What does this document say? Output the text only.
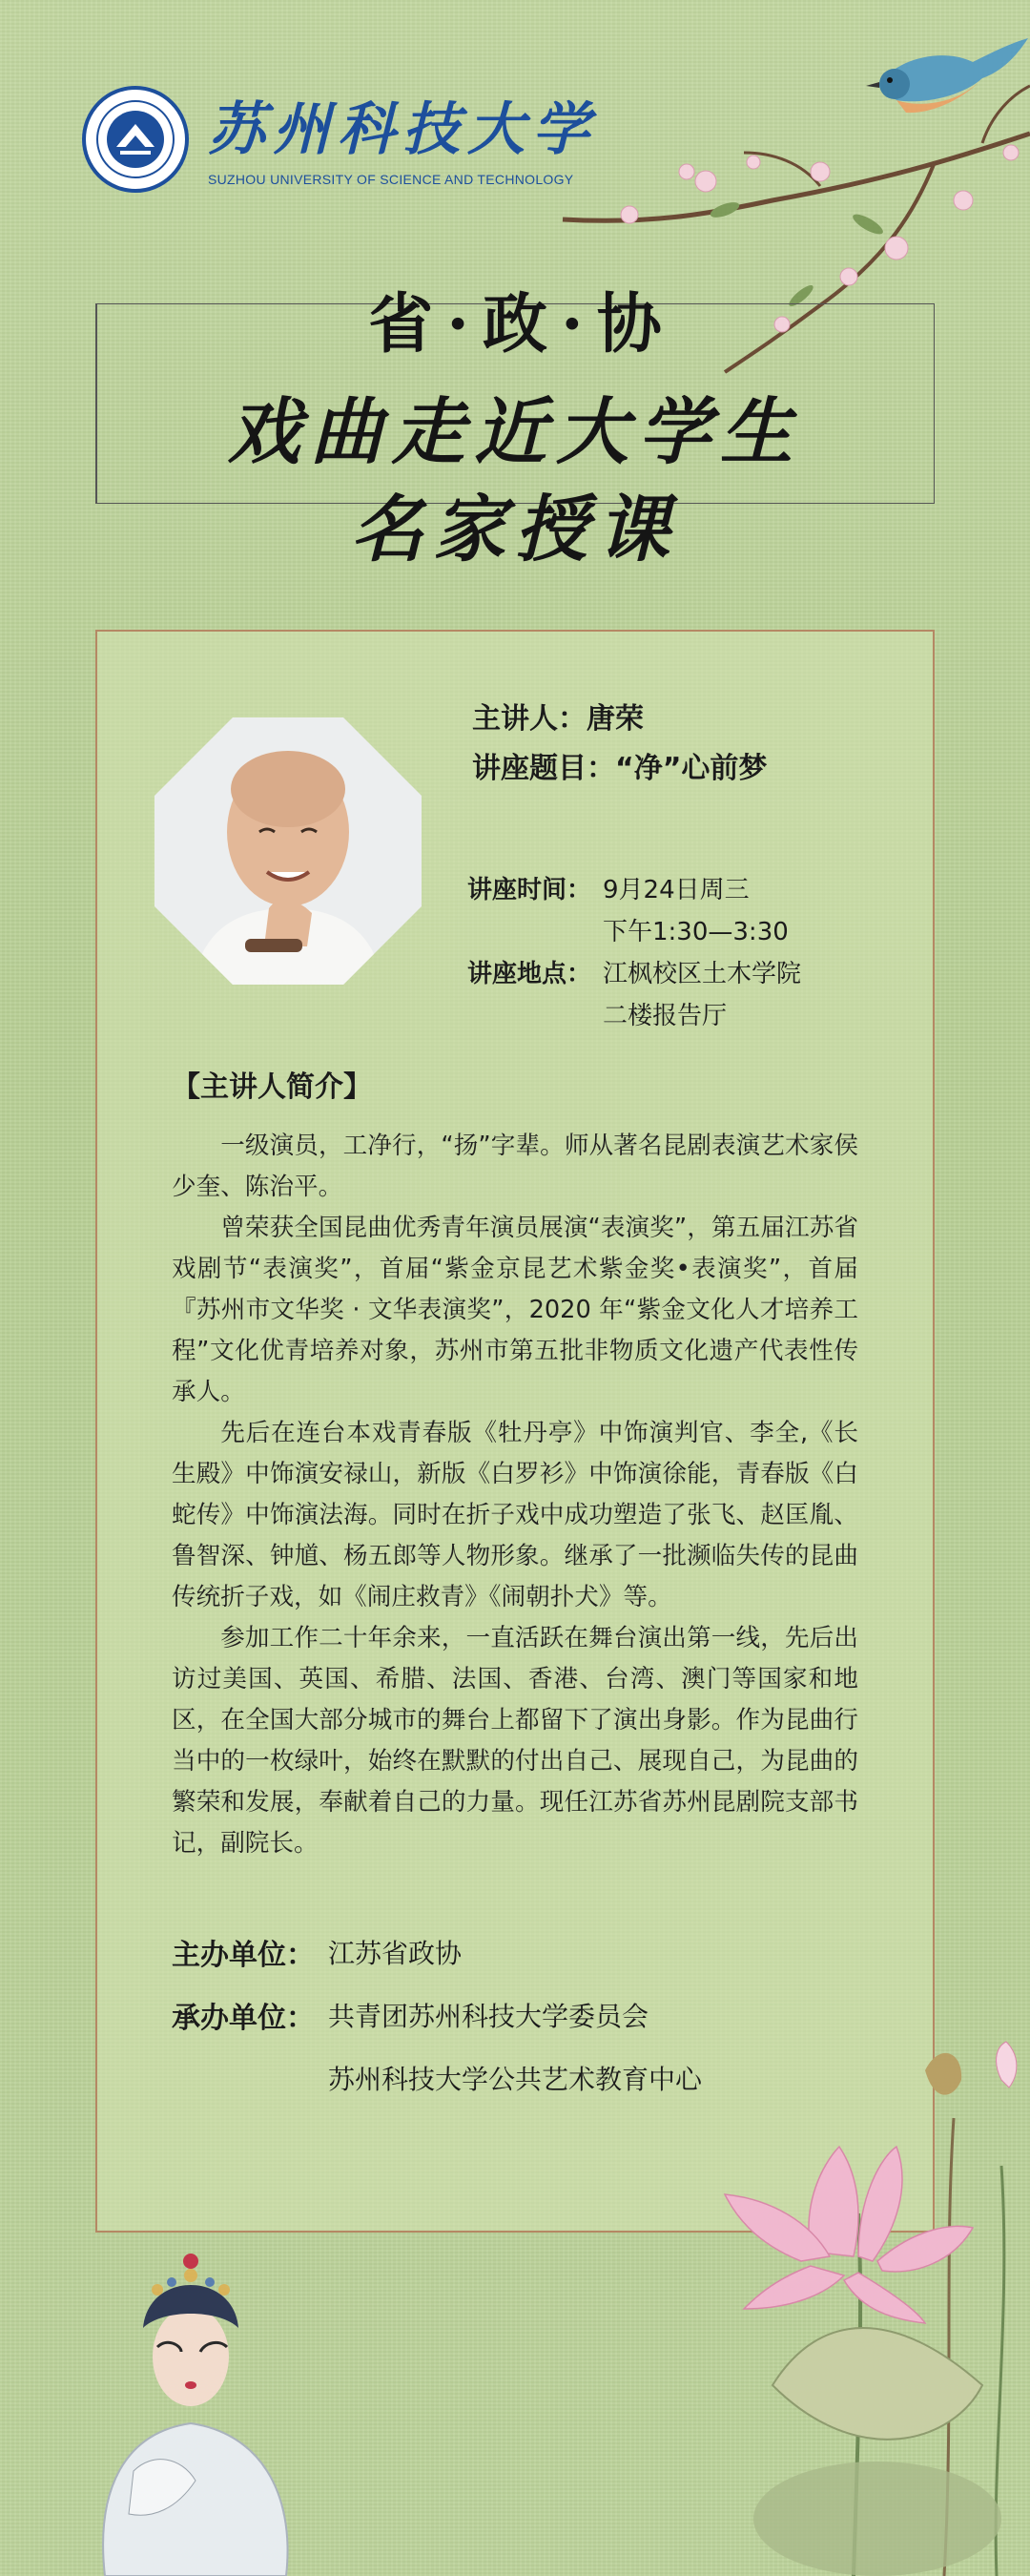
苏州科技大学
SUZHOU UNIVERSITY OF SCIENCE AND TECHNOLOGY
省 · 政 · 协
戏曲走近大学生
名家授课
主讲人：唐荣
讲座题目：“净”心前梦
讲座时间： 9月24日周三
下午1:30—3:30
讲座地点： 江枫校区土木学院
二楼报告厅
【主讲人简介】

一级演员，工净行，“扬”字辈。师从著名昆剧表演艺术家侯少奎、陈治平。

曾荣获全国昆曲优秀青年演员展演“表演奖”，第五届江苏省戏剧节“表演奖”，首届“紫金京昆艺术紫金奖•表演奖”，首届『苏州市文华奖 · 文华表演奖”，2020 年“紫金文化人才培养工程”文化优青培养对象，苏州市第五批非物质文化遗产代表性传承人。

先后在连台本戏青春版《牡丹亭》中饰演判官、李全,《长生殿》中饰演安禄山，新版《白罗衫》中饰演徐能，青春版《白蛇传》中饰演法海。同时在折子戏中成功塑造了张飞、赵匡胤、鲁智深、钟馗、杨五郎等人物形象。继承了一批濒临失传的昆曲传统折子戏，如《闹庄救青》《闹朝扑犬》等。

参加工作二十年余来，一直活跃在舞台演出第一线，先后出访过美国、英国、希腊、法国、香港、台湾、澳门等国家和地区，在全国大部分城市的舞台上都留下了演出身影。作为昆曲行当中的一枚绿叶，始终在默默的付出自己、展现自己，为昆曲的繁荣和发展，奉献着自己的力量。现任江苏省苏州昆剧院支部书记，副院长。

主办单位： 江苏省政协
承办单位： 共青团苏州科技大学委员会
苏州科技大学公共艺术教育中心
